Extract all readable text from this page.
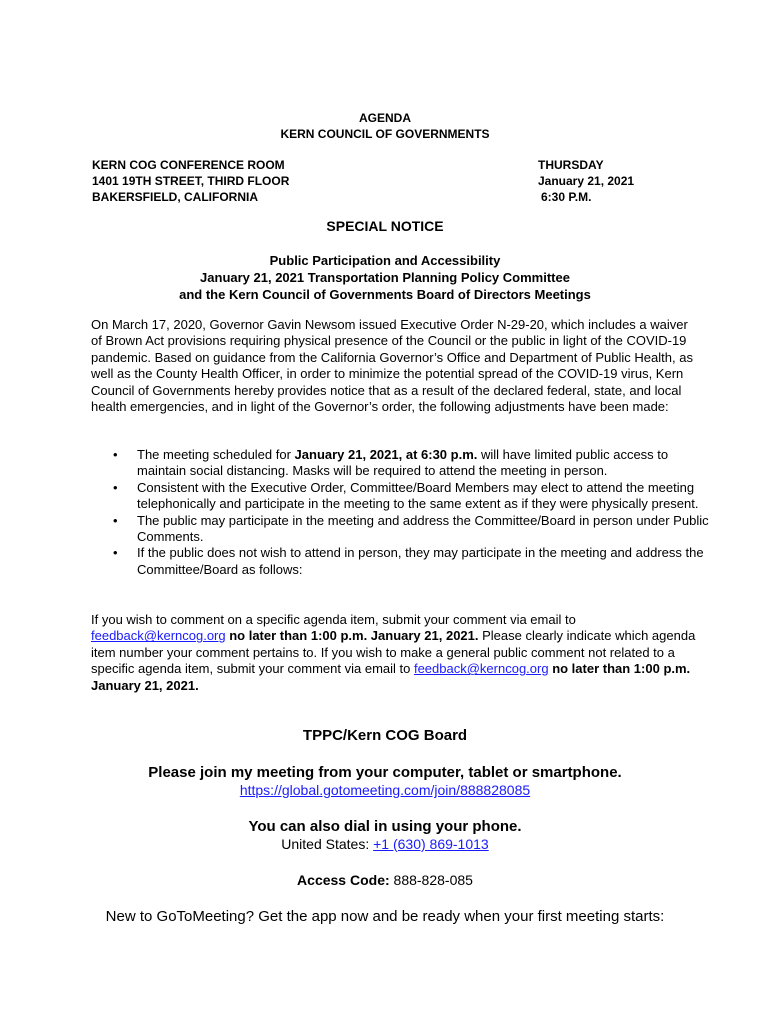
AGENDA
KERN COUNCIL OF GOVERNMENTS
KERN COG CONFERENCE ROOM
1401 19TH STREET, THIRD FLOOR
BAKERSFIELD, CALIFORNIA
THURSDAY
January 21, 2021
6:30 P.M.
SPECIAL NOTICE
Public Participation and Accessibility
January 21, 2021 Transportation Planning Policy Committee
and the Kern Council of Governments Board of Directors Meetings
On March 17, 2020, Governor Gavin Newsom issued Executive Order N-29-20, which includes a waiver of Brown Act provisions requiring physical presence of the Council or the public in light of the COVID-19 pandemic. Based on guidance from the California Governor’s Office and Department of Public Health, as well as the County Health Officer, in order to minimize the potential spread of the COVID-19 virus, Kern Council of Governments hereby provides notice that as a result of the declared federal, state, and local health emergencies, and in light of the Governor’s order, the following adjustments have been made:
• The meeting scheduled for January 21, 2021, at 6:30 p.m. will have limited public access to maintain social distancing. Masks will be required to attend the meeting in person.
• Consistent with the Executive Order, Committee/Board Members may elect to attend the meeting telephonically and participate in the meeting to the same extent as if they were physically present.
• The public may participate in the meeting and address the Committee/Board in person under Public Comments.
• If the public does not wish to attend in person, they may participate in the meeting and address the Committee/Board as follows:
If you wish to comment on a specific agenda item, submit your comment via email to feedback@kerncog.org no later than 1:00 p.m. January 21, 2021. Please clearly indicate which agenda item number your comment pertains to. If you wish to make a general public comment not related to a specific agenda item, submit your comment via email to feedback@kerncog.org no later than 1:00 p.m. January 21, 2021.
TPPC/Kern COG Board
Please join my meeting from your computer, tablet or smartphone.
https://global.gotomeeting.com/join/888828085
You can also dial in using your phone.
United States: +1 (630) 869-1013
Access Code: 888-828-085
New to GoToMeeting? Get the app now and be ready when your first meeting starts:
